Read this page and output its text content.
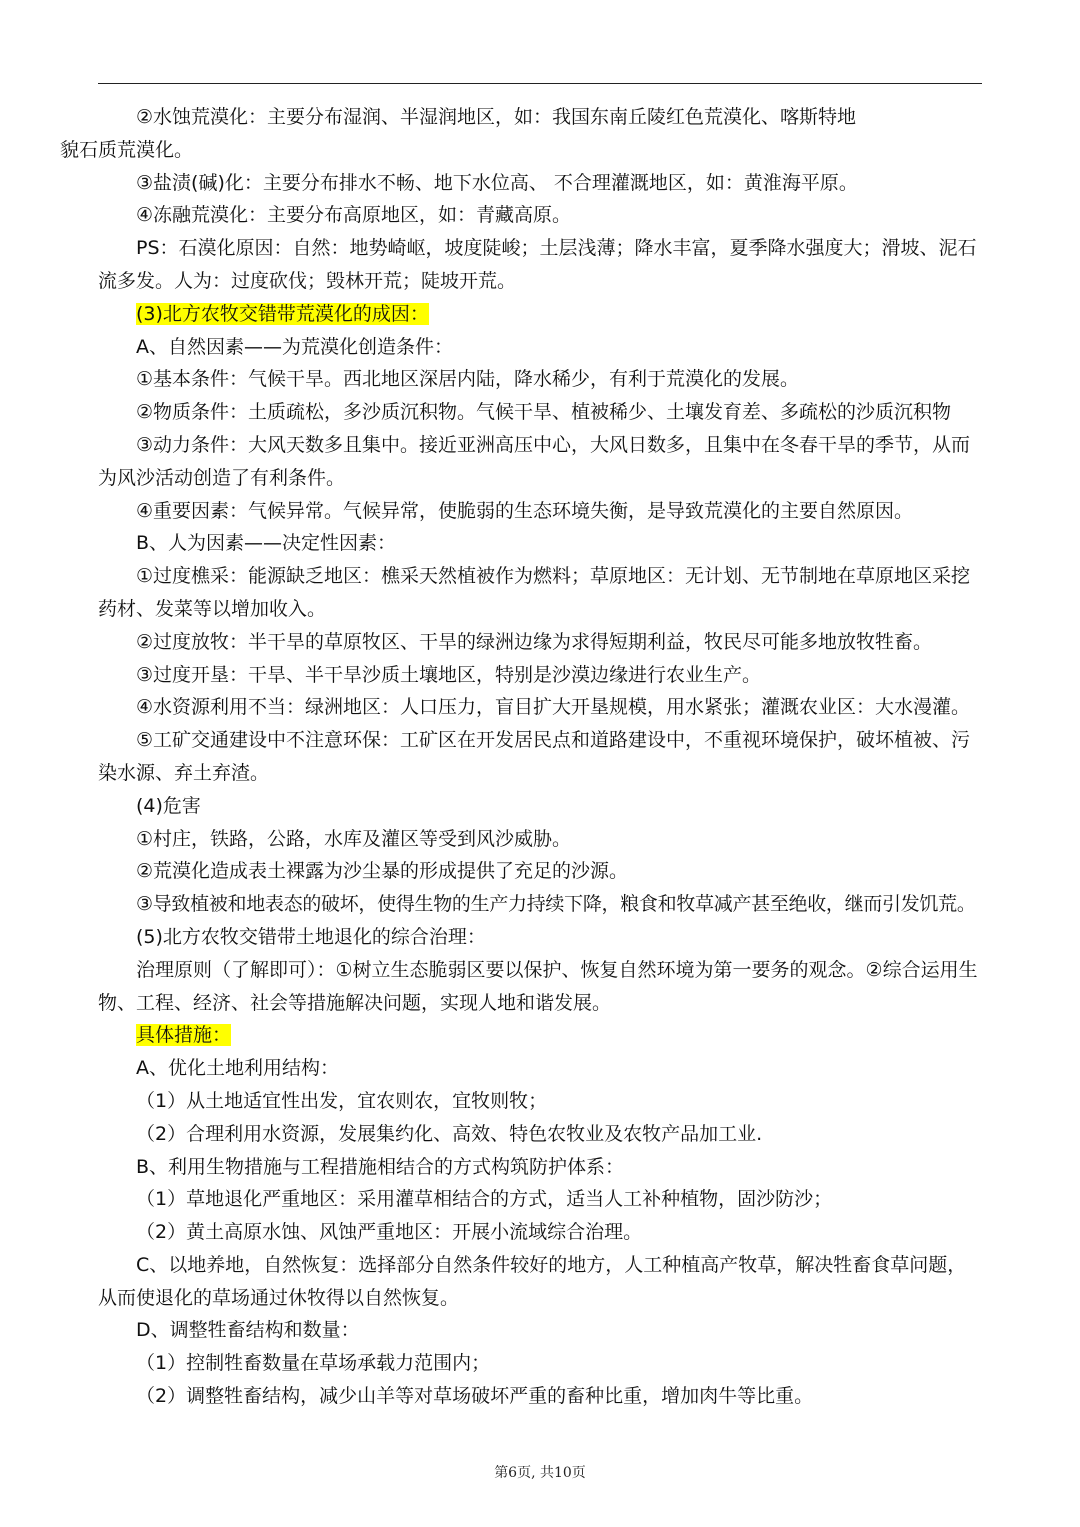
②水蚀荒漠化：主要分布湿润、半湿润地区，如：我国东南丘陵红色荒漠化、喀斯特地
貌石质荒漠化。

③盐渍(碱)化：主要分布排水不畅、地下水位高、 不合理灌溉地区，如：黄淮海平原。

④冻融荒漠化：主要分布高原地区，如：青藏高原。

PS：石漠化原因：自然：地势崎岖，坡度陡峻；土层浅薄；降水丰富，夏季降水强度大；滑坡、泥石流多发。人为：过度砍伐；毁林开荒；陡坡开荒。

(3)北方农牧交错带荒漠化的成因：

A、自然因素——为荒漠化创造条件：

①基本条件：气候干旱。西北地区深居内陆，降水稀少，有利于荒漠化的发展。

②物质条件：土质疏松，多沙质沉积物。气候干旱、植被稀少、土壤发育差、多疏松的沙质沉积物

③动力条件：大风天数多且集中。接近亚洲高压中心，大风日数多，且集中在冬春干旱的季节，从而为风沙活动创造了有利条件。

④重要因素：气候异常。气候异常，使脆弱的生态环境失衡，是导致荒漠化的主要自然原因。

B、人为因素——决定性因素：

①过度樵采：能源缺乏地区：樵采天然植被作为燃料；草原地区：无计划、无节制地在草原地区采挖药材、发菜等以增加收入。

②过度放牧：半干旱的草原牧区、干旱的绿洲边缘为求得短期利益，牧民尽可能多地放牧牲畜。

③过度开垦：干旱、半干旱沙质土壤地区，特别是沙漠边缘进行农业生产。

④水资源利用不当：绿洲地区：人口压力，盲目扩大开垦规模，用水紧张；灌溉农业区：大水漫灌。

⑤工矿交通建设中不注意环保：工矿区在开发居民点和道路建设中，不重视环境保护，破坏植被、污染水源、弃土弃渣。

(4)危害

①村庄，铁路，公路，水库及灌区等受到风沙威胁。

②荒漠化造成表土裸露为沙尘暴的形成提供了充足的沙源。

③导致植被和地表态的破坏，使得生物的生产力持续下降，粮食和牧草减产甚至绝收，继而引发饥荒。

(5)北方农牧交错带土地退化的综合治理：

治理原则（了解即可）：①树立生态脆弱区要以保护、恢复自然环境为第一要务的观念。②综合运用生物、工程、经济、社会等措施解决问题，实现人地和谐发展。

具体措施：

A、优化土地利用结构：

（1）从土地适宜性出发，宜农则农，宜牧则牧；

（2）合理利用水资源，发展集约化、高效、特色农牧业及农牧产品加工业.

B、利用生物措施与工程措施相结合的方式构筑防护体系：

（1）草地退化严重地区：采用灌草相结合的方式，适当人工补种植物，固沙防沙；

（2）黄土高原水蚀、风蚀严重地区：开展小流域综合治理。

C、以地养地，自然恢复：选择部分自然条件较好的地方，人工种植高产牧草，解决牲畜食草问题，从而使退化的草场通过休牧得以自然恢复。

D、调整牲畜结构和数量：

（1）控制牲畜数量在草场承载力范围内；

（2）调整牲畜结构，减少山羊等对草场破坏严重的畜种比重，增加肉牛等比重。

第6页, 共10页
